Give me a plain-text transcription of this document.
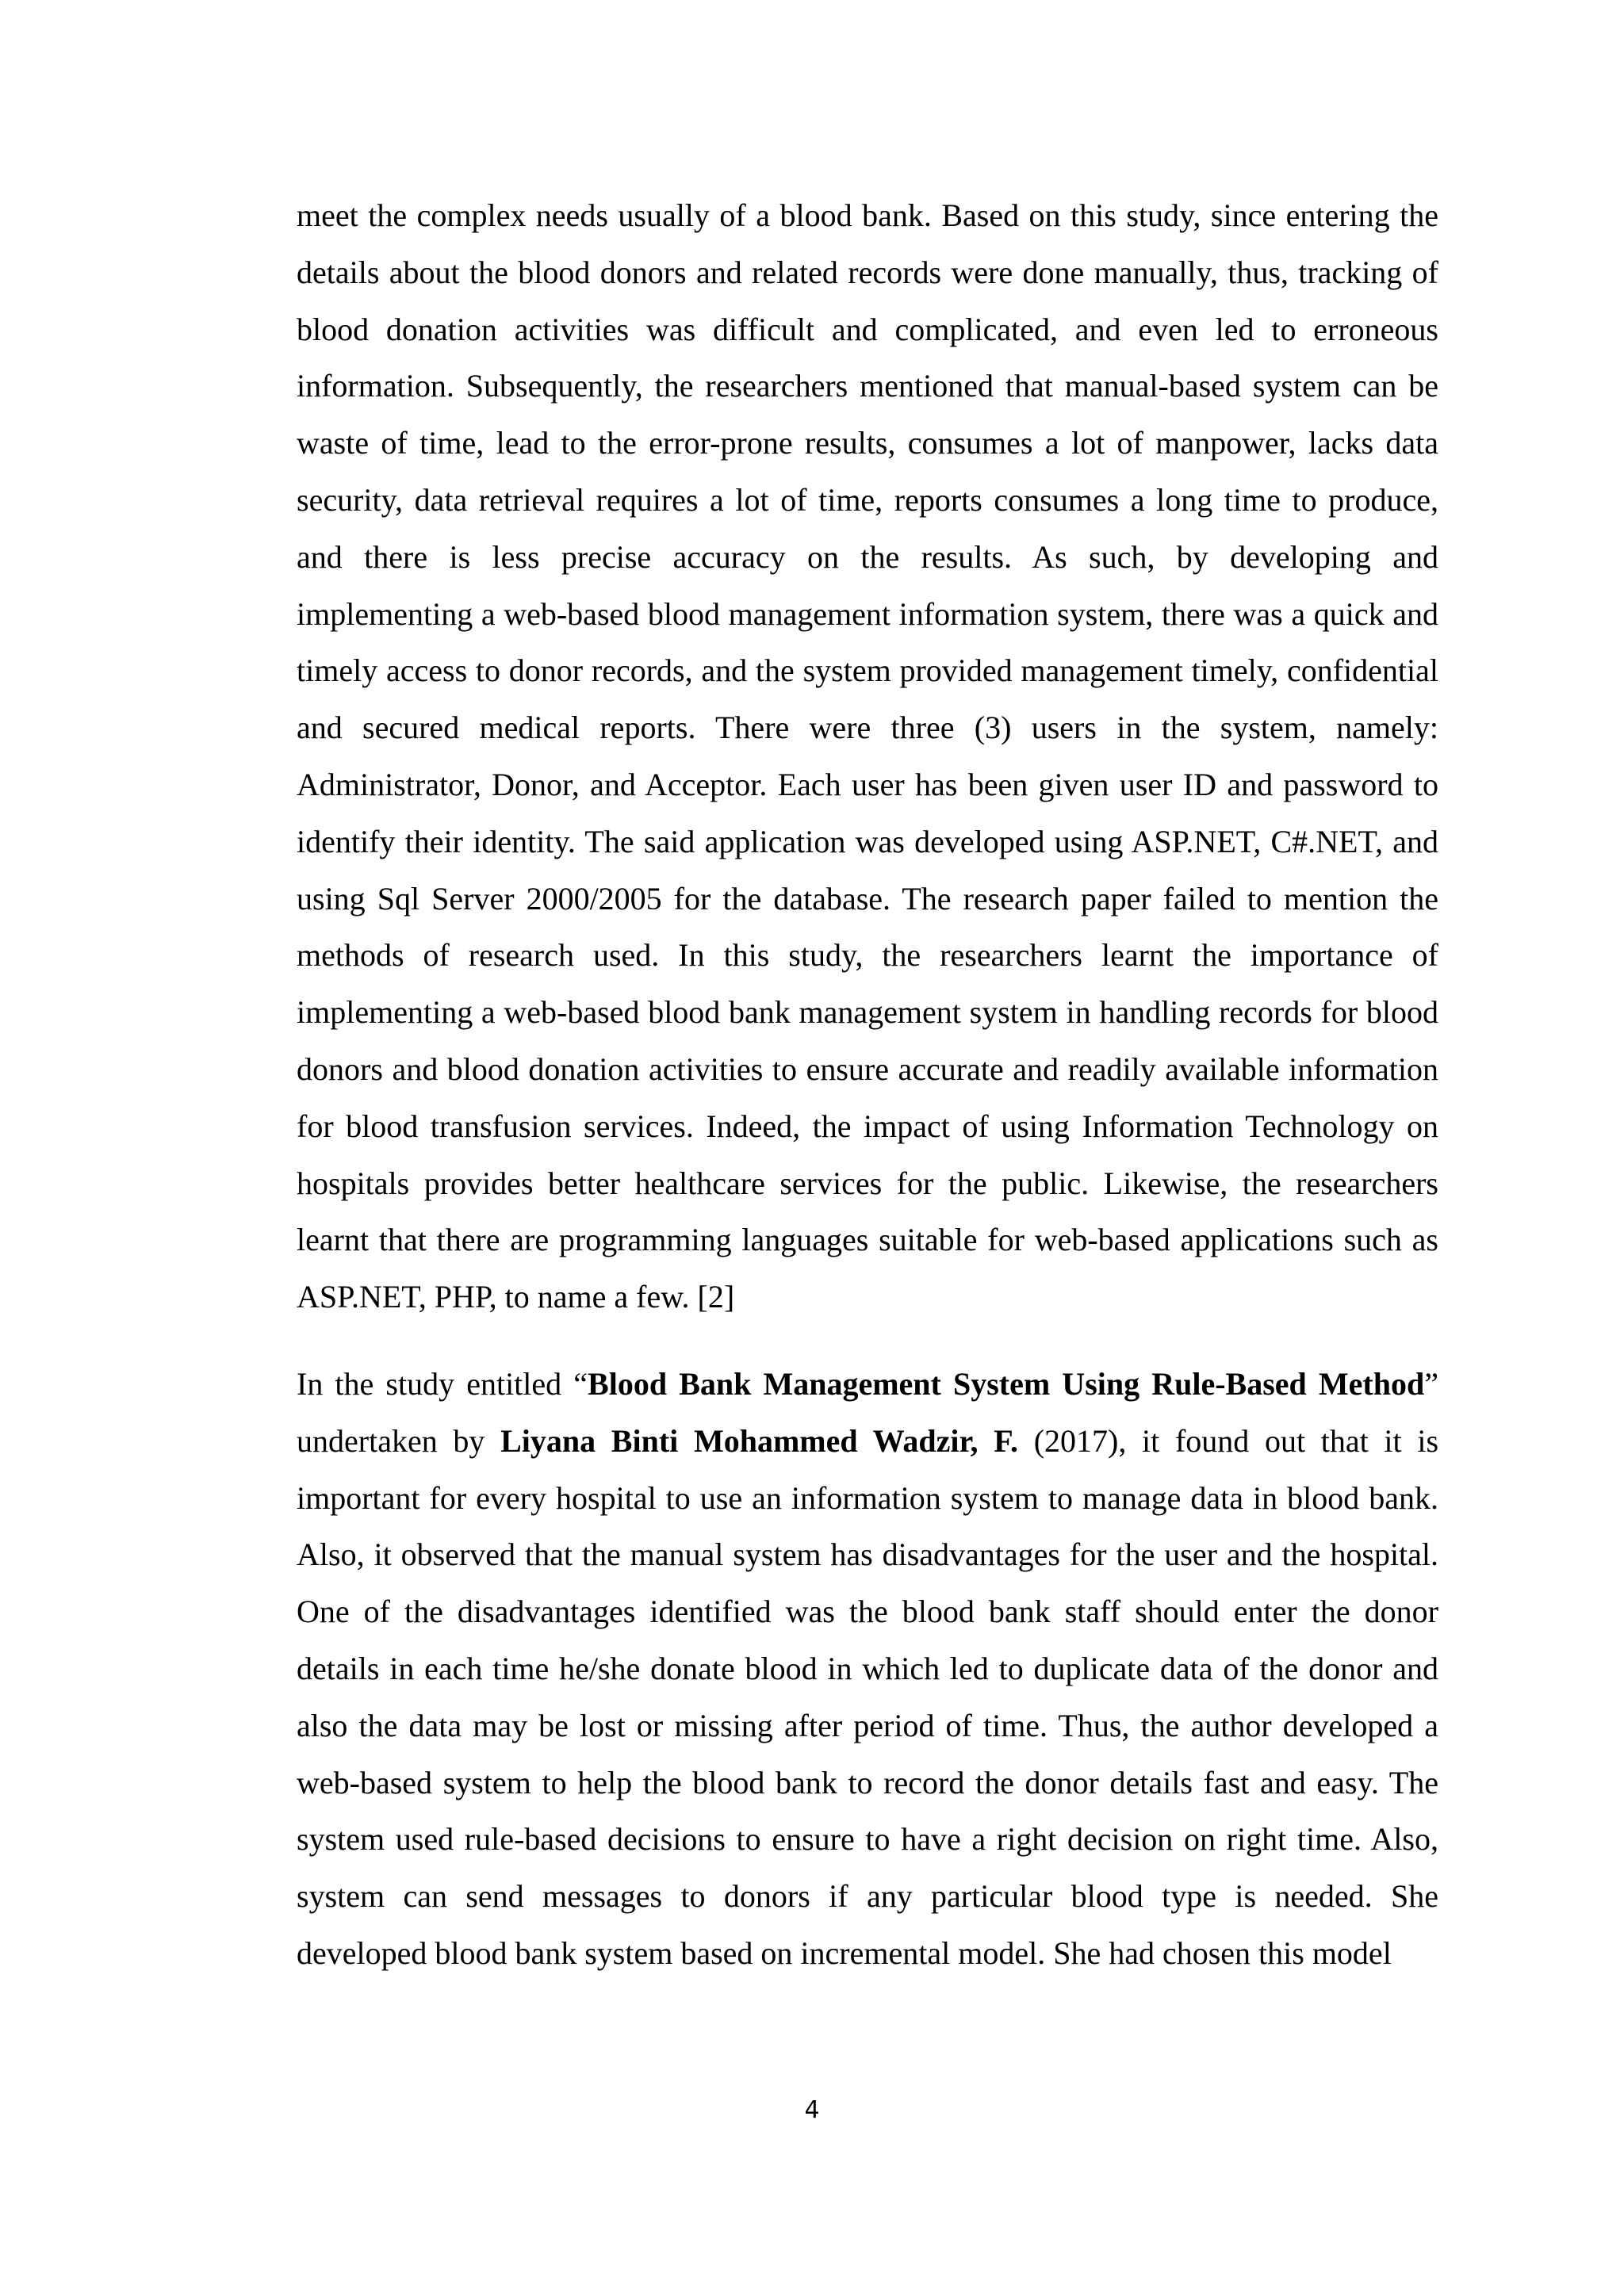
meet the complex needs usually of a blood bank. Based on this study, since entering the details about the blood donors and related records were done manually, thus, tracking of blood donation activities was difficult and complicated, and even led to erroneous information. Subsequently, the researchers mentioned that manual-based system can be waste of time, lead to the error-prone results, consumes a lot of manpower, lacks data security, data retrieval requires a lot of time, reports consumes a long time to produce, and there is less precise accuracy on the results. As such, by developing and implementing a web-based blood management information system, there was a quick and timely access to donor records, and the system provided management timely, confidential and secured medical reports. There were three (3) users in the system, namely: Administrator, Donor, and Acceptor. Each user has been given user ID and password to identify their identity. The said application was developed using ASP.NET, C#.NET, and using Sql Server 2000/2005 for the database. The research paper failed to mention the methods of research used. In this study, the researchers learnt the importance of implementing a web-based blood bank management system in handling records for blood donors and blood donation activities to ensure accurate and readily available information for blood transfusion services. Indeed, the impact of using Information Technology on hospitals provides better healthcare services for the public. Likewise, the researchers learnt that there are programming languages suitable for web-based applications such as ASP.NET, PHP, to name a few. [2]

In the study entitled “Blood Bank Management System Using Rule-Based Method” undertaken by Liyana Binti Mohammed Wadzir, F. (2017), it found out that it is important for every hospital to use an information system to manage data in blood bank. Also, it observed that the manual system has disadvantages for the user and the hospital. One of the disadvantages identified was the blood bank staff should enter the donor details in each time he/she donate blood in which led to duplicate data of the donor and also the data may be lost or missing after period of time. Thus, the author developed a web-based system to help the blood bank to record the donor details fast and easy. The system used rule-based decisions to ensure to have a right decision on right time. Also, system can send messages to donors if any particular blood type is needed. She developed blood bank system based on incremental model. She had chosen this model

4
